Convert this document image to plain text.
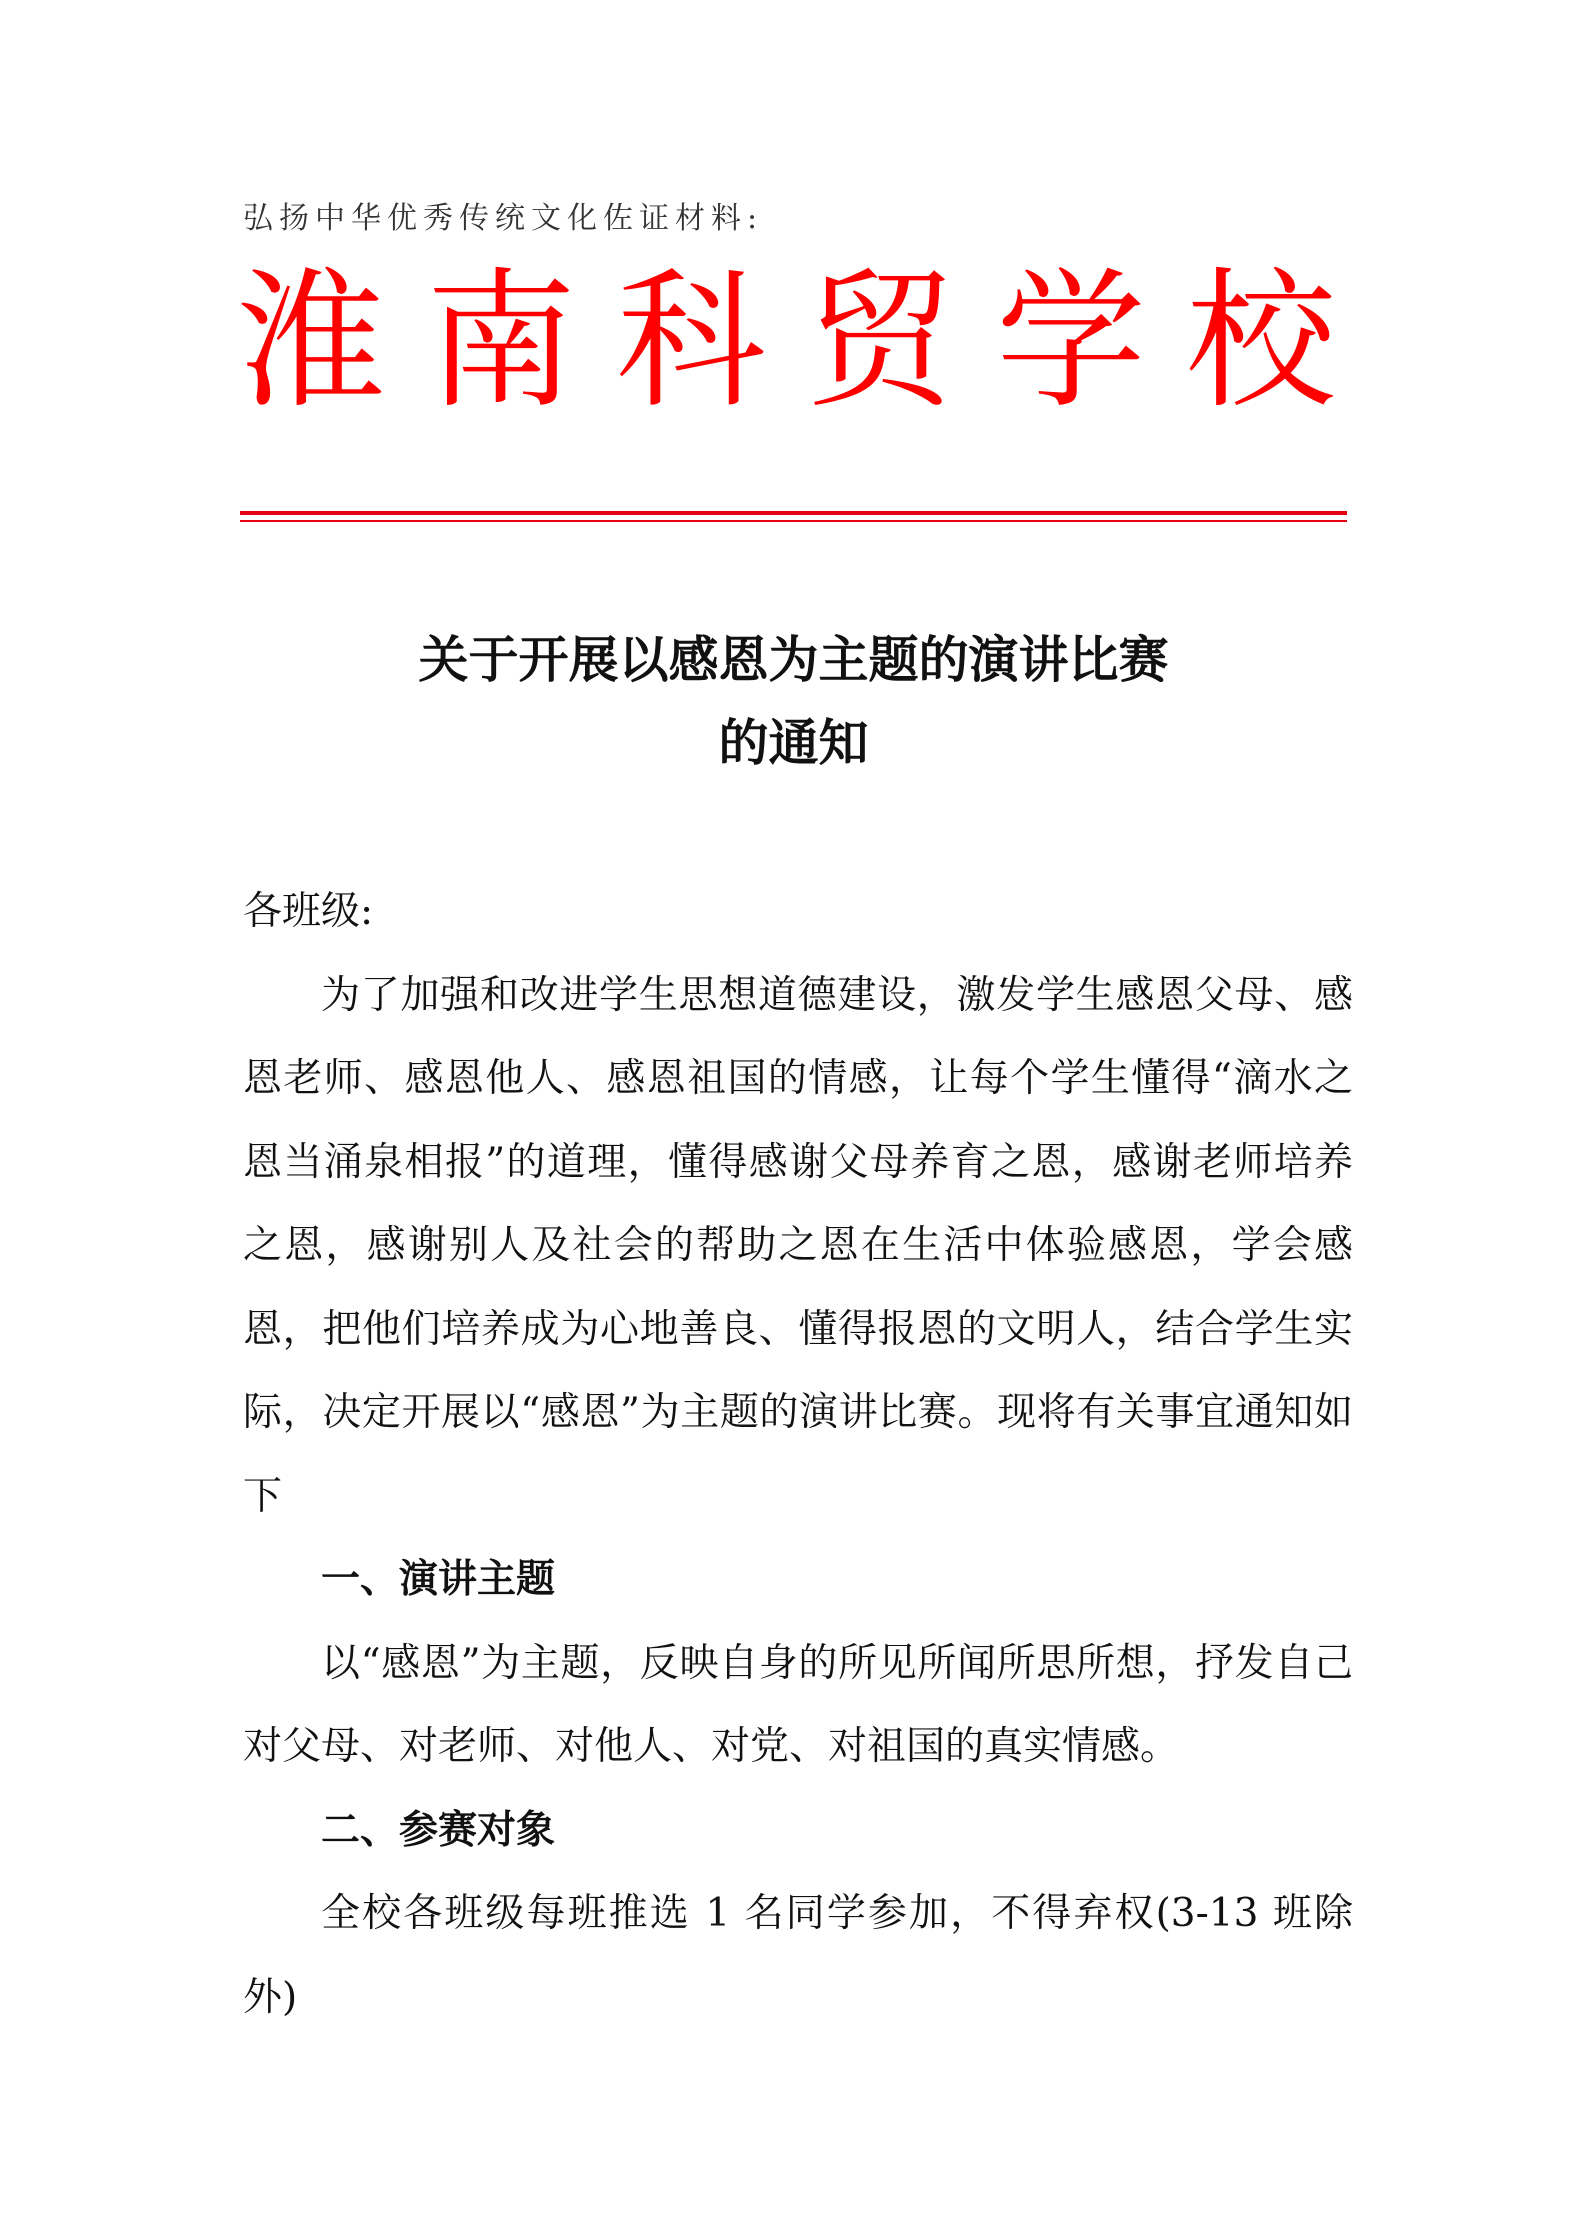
弘扬中华优秀传统文化佐证材料:
淮南科贸学校
关于开展以感恩为主题的演讲比赛
的通知

各班级:

为了加强和改进学生思想道德建设，激发学生感恩父母、感恩老师、感恩他人、感恩祖国的情感，让每个学生懂得“滴水之恩当涌泉相报”的道理，懂得感谢父母养育之恩，感谢老师培养之恩，感谢别人及社会的帮助之恩在生活中体验感恩，学会感恩，把他们培养成为心地善良、懂得报恩的文明人，结合学生实际，决定开展以“感恩”为主题的演讲比赛。现将有关事宜通知如下

一、演讲主题

以“感恩”为主题，反映自身的所见所闻所思所想，抒发自己对父母、对老师、对他人、对党、对祖国的真实情感。

二、参赛对象

全校各班级每班推选 1 名同学参加，不得弃权(3-13 班除外)
